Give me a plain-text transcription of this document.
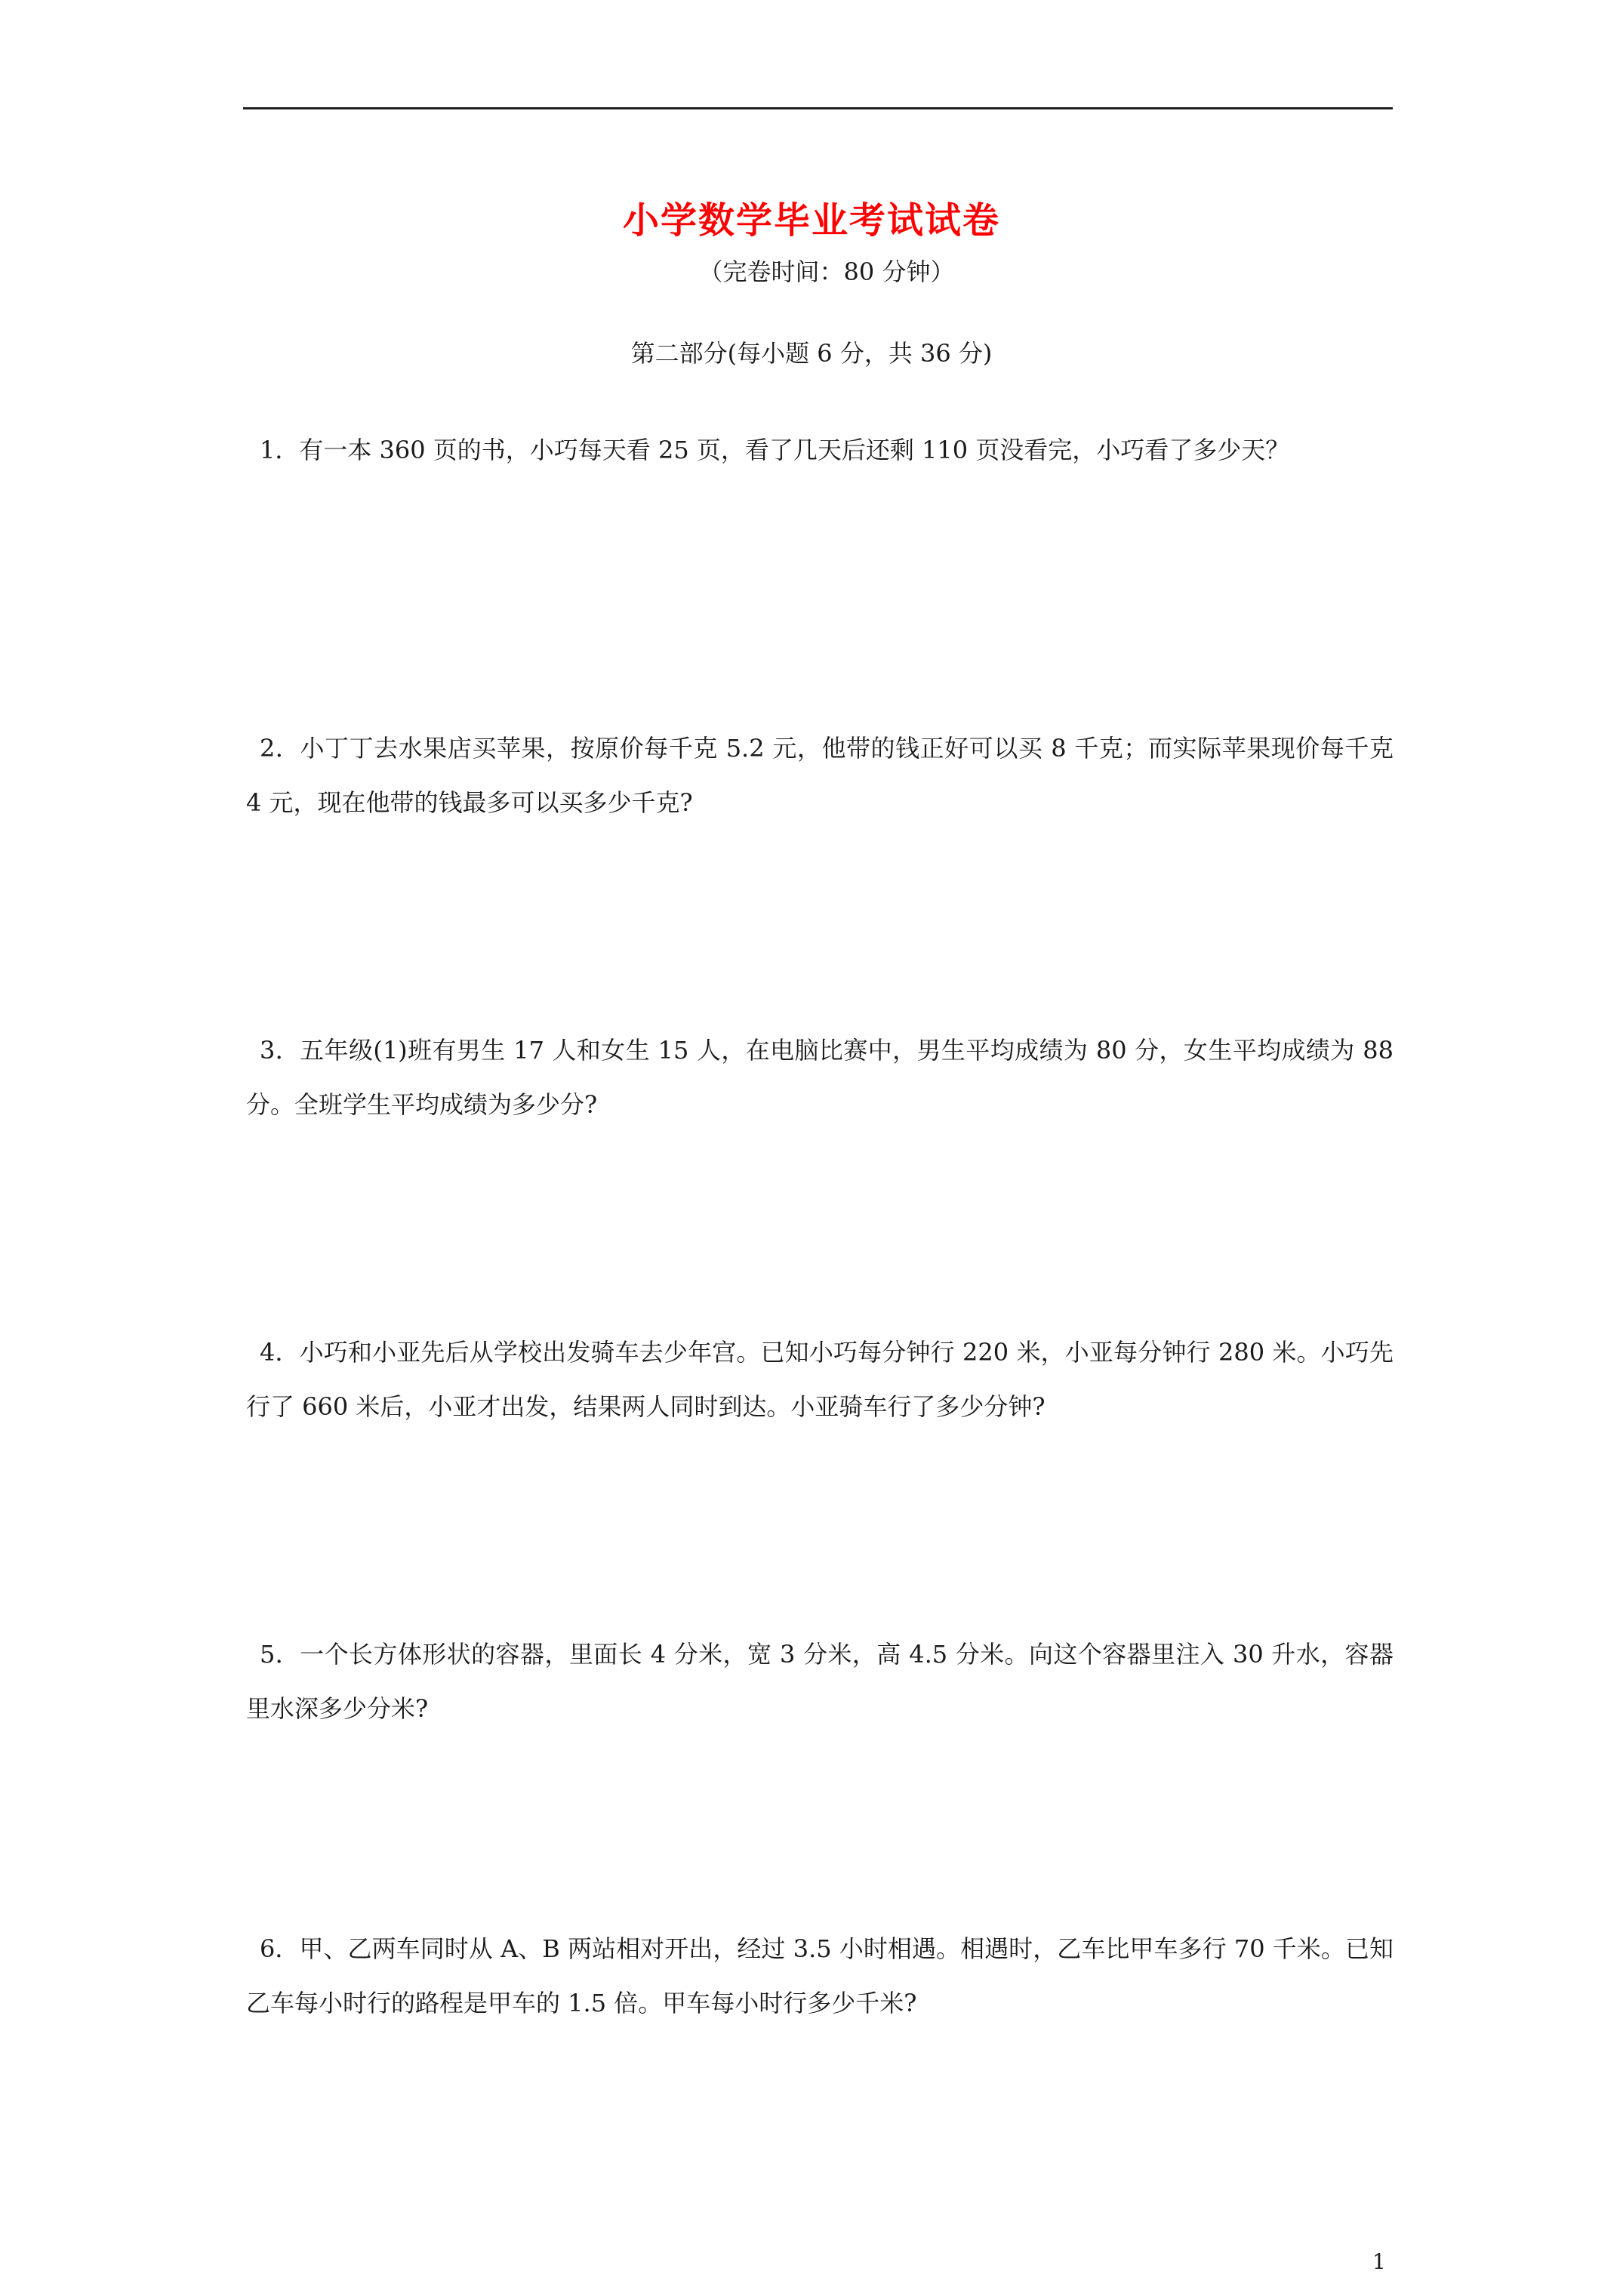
小学数学毕业考试试卷
（完卷时间：80 分钟）
第二部分(每小题 6 分，共 36 分)
1．有一本 360 页的书，小巧每天看 25 页，看了几天后还剩 110 页没看完，小巧看了多少天？
2．小丁丁去水果店买苹果，按原价每千克 5.2 元，他带的钱正好可以买 8 千克；而实际苹果现价每千克 4 元，现在他带的钱最多可以买多少千克?
3．五年级(1)班有男生 17 人和女生 15 人，在电脑比赛中，男生平均成绩为 80 分，女生平均成绩为 88 分。全班学生平均成绩为多少分?
4．小巧和小亚先后从学校出发骑车去少年宫。已知小巧每分钟行 220 米，小亚每分钟行 280 米。小巧先行了 660 米后，小亚才出发，结果两人同时到达。小亚骑车行了多少分钟?
5．一个长方体形状的容器，里面长 4 分米，宽 3 分米，高 4.5 分米。向这个容器里注入 30 升水，容器里水深多少分米?
6．甲、乙两车同时从 A、B 两站相对开出，经过 3.5 小时相遇。相遇时，乙车比甲车多行 70 千米。已知乙车每小时行的路程是甲车的 1.5 倍。甲车每小时行多少千米?
1
